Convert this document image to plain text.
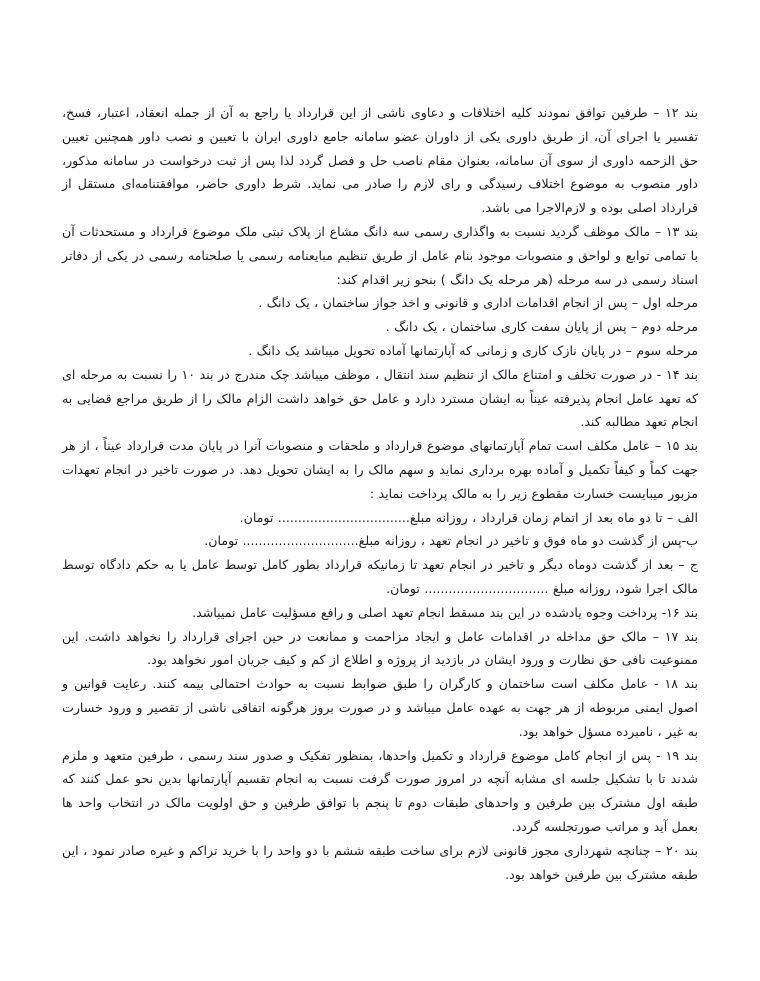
بند ۱۲ – طرفین توافق نمودند کلیه اختلافات و دعاوی ناشی از این قرارداد یا راجع به آن از جمله انعقاد، اعتبار، فسخ، تفسیر یا اجرای آن، از طریق داوری یکی از داوران عضو سامانه جامع داوری ایران با تعیین و نصب داور همچنین تعیین حق الزحمه داوری از سوی آن سامانه، بعنوان مقام ناصب حل و فصل گردد لذا پس از ثبت درخواست در سامانه مذکور، داور منصوب به موضوع اختلاف رسیدگی و رای لازم را صادر می نماید. شرط داوری حاضر، موافقتنامه‌ای مستقل از قرارداد اصلی بوده و لازم‌الاجرا می باشد.

بند ۱۳ – مالک موظف گردید نسبت به واگذاری رسمی سه دانگ مشاع از پلاک ثبتی ملک موضوع قرارداد و مستحدثات آن با تمامی توابع و لواحق و منصوبات موجود بنام عامل از طریق تنظیم مبایعنامه رسمی یا صلحنامه رسمی در یکی از دفاتر اسناد رسمی در سه مرحله (هر مرحله یک دانگ ) بنحو زیر اقدام کند:

مرحله اول – پس از انجام اقدامات اداری و قانونی و اخذ جواز ساختمان ، یک دانگ .

مرحله دوم – پس از پایان سفت کاری ساختمان ، یک دانگ .

مرحله سوم – در پایان نازک کاری و زمانی که آپارتمانها آماده تحویل میباشد یک دانگ .

بند ۱۴ - در صورت تخلف و امتناع مالک از تنظیم سند انتقال ، موظف میباشد چک مندرج در بند ۱۰ را نسبت به مرحله ای که تعهد عامل انجام پذیرفته عیناً به ایشان مسترد دارد و عامل حق خواهد داشت الزام مالک را از طریق مراجع قضایی به انجام تعهد مطالبه کند.

بند ۱۵ – عامل مکلف است تمام آپارتمانهای موضوع قرارداد و ملحقات و منصوبات آنرا در پایان مدت قرارداد عیناً ، از هر جهت کماً و کیفاً تکمیل و آماده بهره برداری نماید و سهم مالک را به ایشان تحویل دهد. در صورت تاخیر در انجام تعهدات مزبور میبایست خسارت مقطوع زیر را به مالک پرداخت نماید :

الف – تا دو ماه بعد از اتمام زمان قرارداد ، روزانه مبلغ................................. تومان.

ب-پس از گذشت دو ماه فوق و تاخیر در انجام تعهد ، روزانه مبلغ............................. تومان.

ج – بعد از گذشت دوماه دیگر و تاخیر در انجام تعهد تا زمانیکه قرارداد بطور کامل توسط عامل یا به حکم دادگاه توسط مالک اجرا شود، روزانه مبلغ ............................... تومان.

بند ۱۶- پرداخت وجوه یادشده در این بند مسقط انجام تعهد اصلی و رافع مسؤلیت عامل نمیباشد.

بند ۱۷ – مالک حق مداخله در اقدامات عامل و ایجاد مزاحمت و ممانعت در حین اجرای قرارداد را نخواهد داشت. این ممنوعیت نافی حق نظارت و ورود ایشان در بازدید از پروژه و اطلاع از کم و کیف جریان امور نخواهد بود.

بند ۱۸ - عامل مکلف است ساختمان و کارگران را طبق ضوابط نسبت به حوادث احتمالی بیمه کنند. رعایت قوانین و اصول ایمنی مربوطه از هر جهت به عهده عامل میباشد و در صورت بروز هرگونه اتفاقی ناشی از تقصیر و ورود خسارت به غیر ، نامبرده مسؤل خواهد بود.

بند ۱۹ - پس از انجام کامل موضوع قرارداد و تکمیل واحدها، بمنظور تفکیک و صدور سند رسمی ، طرفین متعهد و ملزم شدند تا با تشکیل جلسه ای مشابه آنچه در امروز صورت گرفت نسبت به انجام تقسیم آپارتمانها بدین نحو عمل کنند که طبقه اول مشترک بین طرفین و واحدهای طبقات دوم تا پنجم با توافق طرفین و حق اولویت مالک در انتخاب واحد ها بعمل آید و مراتب صورتجلسه گردد.

بند ۲۰ – چنانچه شهرداری مجوز قانونی لازم برای ساخت طبقه ششم با دو واحد را با خرید تراکم و غیره صادر نمود ، این طبقه مشترک بین طرفین خواهد بود.
